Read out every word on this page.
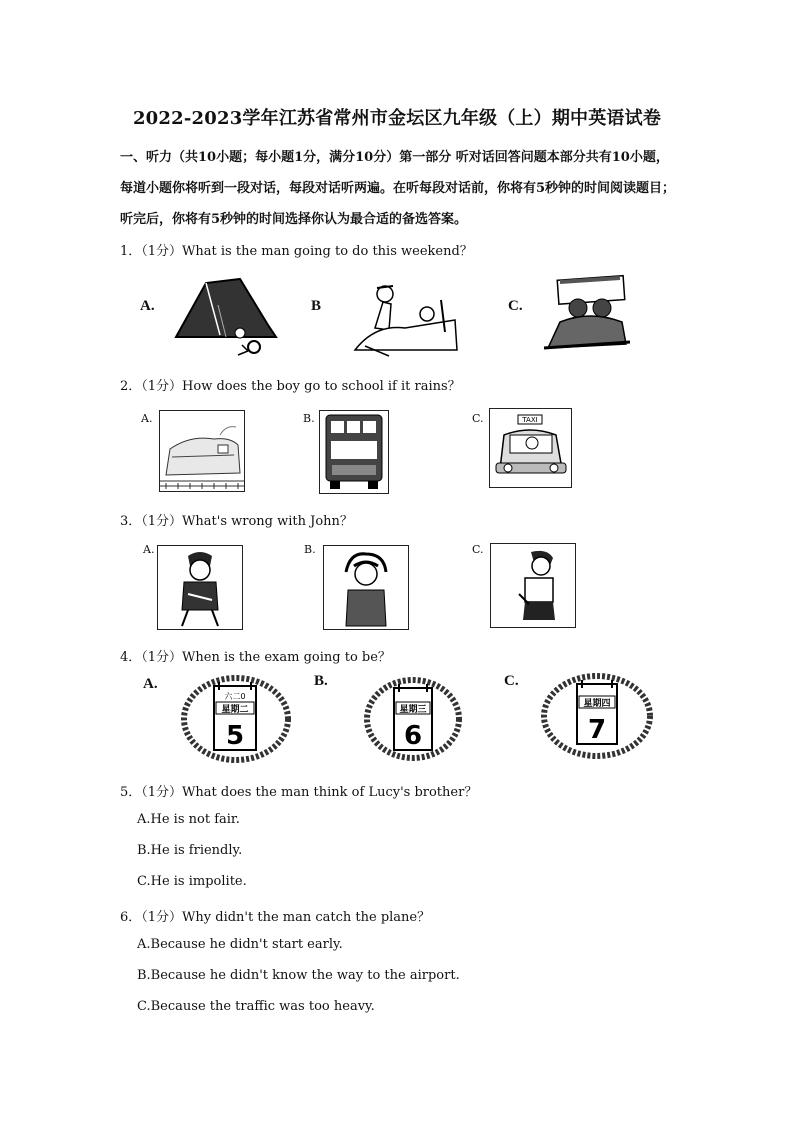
2022-2023学年江苏省常州市金坛区九年级（上）期中英语试卷
一、听力（共10小题；每小题1分，满分10分）第一部分 听对话回答问题本部分共有10小题，每道小题你将听到一段对话，每段对话听两遍。在听每段对话前，你将有5秒钟的时间阅读题目；听完后，你将有5秒钟的时间选择你认为最合适的备选答案。
1．（1分）What is the man going to do this weekend？
A.	B	C.
2．（1分）How does the boy go to school if it rains？
A.	B.	C.	TAXI
3．（1分）What's wrong with John？
A.	B.	C.
4．（1分）When is the exam going to be？
A.
六二0
星期二
5
B.
星期三
6
C.
星期四
7
5．（1分）What does the man think of Lucy's brother？
A.He is not fair.
B.He is friendly.
C.He is impolite.
6．（1分）Why didn't the man catch the plane？
A.Because he didn't start early.
B.Because he didn't know the way to the airport.
C.Because the traffic was too heavy.
